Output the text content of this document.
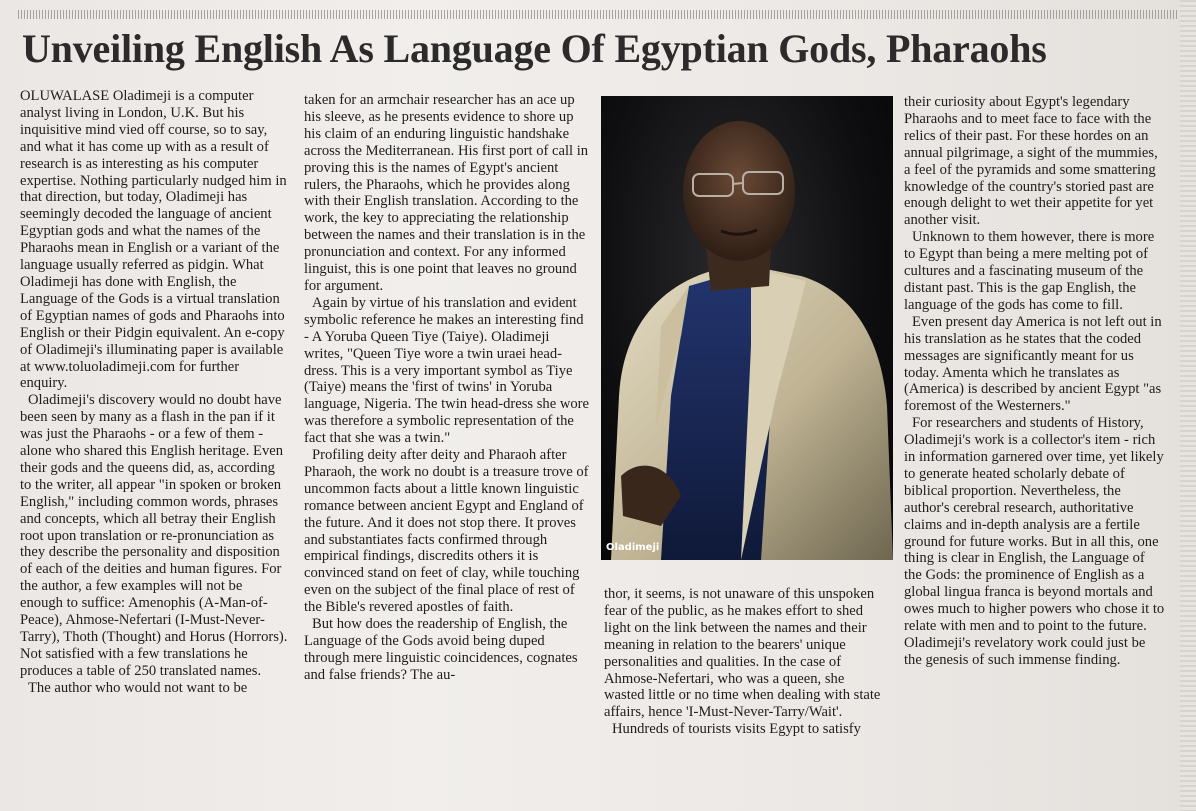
Unveiling English As Language Of Egyptian Gods, Pharaohs

OLUWALASE Oladimeji is a computer analyst living in London, U.K. But his inquisitive mind vied off course, so to say, and what it has come up with as a result of research is as interesting as his computer expertise. Nothing particularly nudged him in that direction, but today, Oladimeji has seemingly decoded the language of ancient Egyptian gods and what the names of the Pharaohs mean in English or a variant of the language usually referred as pidgin. What Oladimeji has done with English, the Language of the Gods is a virtual translation of Egyptian names of gods and Pharaohs into English or their Pidgin equivalent. An e-copy of Oladimeji's illuminating paper is available at www.toluoladimeji.com for further enquiry.

Oladimeji's discovery would no doubt have been seen by many as a flash in the pan if it was just the Pharaohs - or a few of them - alone who shared this English heritage. Even their gods and the queens did, as, according to the writer, all appear "in spoken or broken English," including common words, phrases and concepts, which all betray their English root upon translation or re-pronunciation as they describe the personality and disposition of each of the deities and human figures. For the author, a few examples will not be enough to suffice: Amenophis (A-Man-of-Peace), Ahmose-Nefertari (I-Must-Never-Tarry), Thoth (Thought) and Horus (Horrors). Not satisfied with a few translations he produces a table of 250 translated names.

The author who would not want to be

taken for an armchair researcher has an ace up his sleeve, as he presents evidence to shore up his claim of an enduring linguistic handshake across the Mediterranean. His first port of call in proving this is the names of Egypt's ancient rulers, the Pharaohs, which he provides along with their English translation. According to the work, the key to appreciating the relationship between the names and their translation is in the pronunciation and context. For any informed linguist, this is one point that leaves no ground for argument.

Again by virtue of his translation and evident symbolic reference he makes an interesting find - A Yoruba Queen Tiye (Taiye). Oladimeji writes, "Queen Tiye wore a twin uraei head-dress. This is a very important symbol as Tiye (Taiye) means the 'first of twins' in Yoruba language, Nigeria. The twin head-dress she wore was therefore a symbolic representation of the fact that she was a twin."

Profiling deity after deity and Pharaoh after Pharaoh, the work no doubt is a treasure trove of uncommon facts about a little known linguistic romance between ancient Egypt and England of the future. And it does not stop there. It proves and substantiates facts confirmed through empirical findings, discredits others it is convinced stand on feet of clay, while touching even on the subject of the final place of rest of the Bible's revered apostles of faith.

But how does the readership of English, the Language of the Gods avoid being duped through mere linguistic coincidences, cognates and false friends? The au-

Oladimeji

thor, it seems, is not unaware of this unspoken fear of the public, as he makes effort to shed light on the link between the names and their meaning in relation to the bearers' unique personalities and qualities. In the case of Ahmose-Nefertari, who was a queen, she wasted little or no time when dealing with state affairs, hence 'I-Must-Never-Tarry/Wait'.

Hundreds of tourists visits Egypt to satisfy

their curiosity about Egypt's legendary Pharaohs and to meet face to face with the relics of their past. For these hordes on an annual pilgrimage, a sight of the mummies, a feel of the pyramids and some smattering knowledge of the country's storied past are enough delight to wet their appetite for yet another visit.

Unknown to them however, there is more to Egypt than being a mere melting pot of cultures and a fascinating museum of the distant past. This is the gap English, the language of the gods has come to fill.

Even present day America is not left out in his translation as he states that the coded messages are significantly meant for us today. Amenta which he translates as (America) is described by ancient Egypt "as foremost of the Westerners."

For researchers and students of History, Oladimeji's work is a collector's item - rich in information garnered over time, yet likely to generate heated scholarly debate of biblical proportion. Nevertheless, the author's cerebral research, authoritative claims and in-depth analysis are a fertile ground for future works. But in all this, one thing is clear in English, the Language of the Gods: the prominence of English as a global lingua franca is beyond mortals and owes much to higher powers who chose it to relate with men and to point to the future. Oladimeji's revelatory work could just be the genesis of such immense finding.
